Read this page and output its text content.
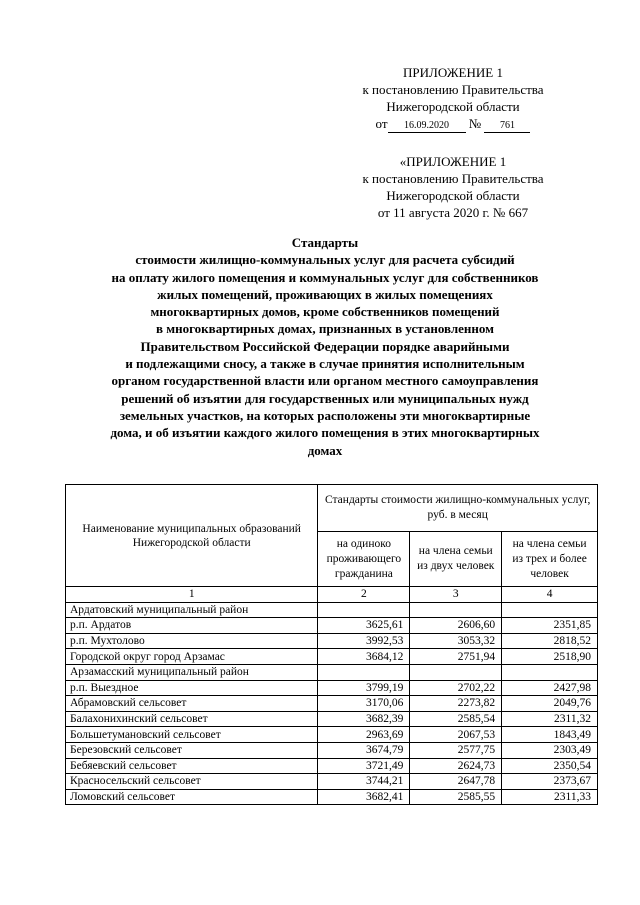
ПРИЛОЖЕНИЕ 1
к постановлению Правительства
Нижегородской области
от 16.09.2020 № 761
«ПРИЛОЖЕНИЕ 1
к постановлению Правительства
Нижегородской области
от 11 августа 2020 г. № 667
Стандарты
стоимости жилищно-коммунальных услуг для расчета субсидий
на оплату жилого помещения и коммунальных услуг для собственников
жилых помещений, проживающих в жилых помещениях
многоквартирных домов, кроме собственников помещений
в многоквартирных домах, признанных в установленном
Правительством Российской Федерации порядке аварийными
и подлежащими сносу, а также в случае принятия исполнительным
органом государственной власти или органом местного самоуправления
решений об изъятии для государственных или муниципальных нужд
земельных участков, на которых расположены эти многоквартирные
дома, и об изъятии каждого жилого помещения в этих многоквартирных
домах
Наименование муниципальных образований Нижегородской области	Стандарты стоимости жилищно-коммунальных услуг, руб. в месяц		
	на одиноко проживающего гражданина	на члена семьи из двух человек	на члена семьи из трех и более человек
1	2	3	4
Ардатовский муниципальный район			
р.п. Ардатов	3625,61	2606,60	2351,85
р.п. Мухтолово	3992,53	3053,32	2818,52
Городской округ город Арзамас	3684,12	2751,94	2518,90
Арзамасский муниципальный район			
р.п. Выездное	3799,19	2702,22	2427,98
Абрамовский сельсовет	3170,06	2273,82	2049,76
Балахонихинский сельсовет	3682,39	2585,54	2311,32
Большетумановский сельсовет	2963,69	2067,53	1843,49
Березовский сельсовет	3674,79	2577,75	2303,49
Бебяевский сельсовет	3721,49	2624,73	2350,54
Красносельский сельсовет	3744,21	2647,78	2373,67
Ломовский сельсовет	3682,41	2585,55	2311,33
